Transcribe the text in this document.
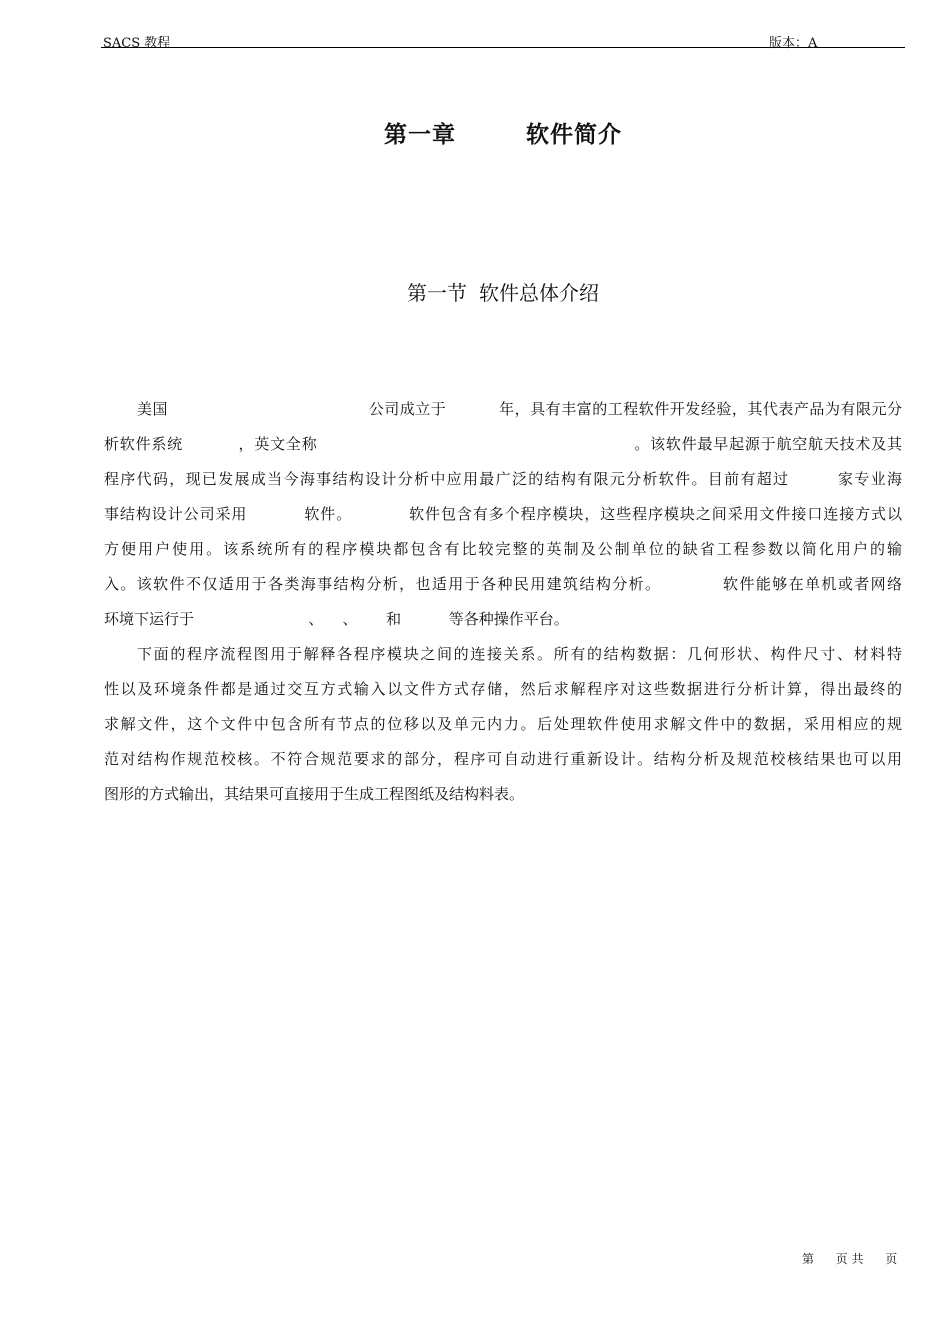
SACS 教程	版本：A
第一章	软件简介
第一节 软件总体介绍
美国                                      公司成立于          年，具有丰富的工程软件开发经验，其代表产品为有限元分
析软件系统          ，英文全称                                                         。该软件最早起源于航空航天技术及其
程序代码，现已发展成当今海事结构设计分析中应用最广泛的结构有限元分析软件。目前有超过        家专业海
事结构设计公司采用          软件。          软件包含有多个程序模块，这些程序模块之间采用文件接口连接方式以
方便用户使用。该系统所有的程序模块都包含有比较完整的英制及公制单位的缺省工程参数以简化用户的输
入。该软件不仅适用于各类海事结构分析，也适用于各种民用建筑结构分析。          软件能够在单机或者网络
环境下运行于                        、    、      和          等各种操作平台。
下面的程序流程图用于解释各程序模块之间的连接关系。所有的结构数据：几何形状、构件尺寸、材料特
性以及环境条件都是通过交互方式输入以文件方式存储，然后求解程序对这些数据进行分析计算，得出最终的
求解文件，这个文件中包含所有节点的位移以及单元内力。后处理软件使用求解文件中的数据，采用相应的规
范对结构作规范校核。不符合规范要求的部分，程序可自动进行重新设计。结构分析及规范校核结果也可以用
图形的方式输出，其结果可直接用于生成工程图纸及结构料表。
第 页 共 页
